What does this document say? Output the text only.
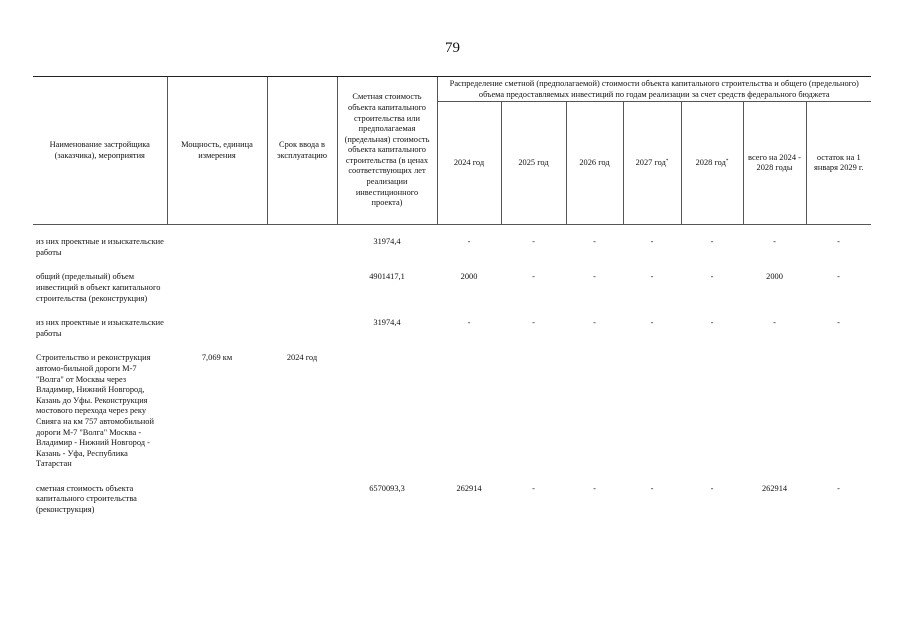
79
Наименование застройщика (заказчика), мероприятия	Мощность, единица измерения	Срок ввода в эксплуатацию	Сметная стоимость объекта капитального строительства или предполагаемая (предельная) стоимость объекта капитального строительства (в ценах соответствующих лет реализации инвестиционного проекта)	Распределение сметной (предполагаемой) стоимости объекта капитального строительства и общего (предельного) объема предоставляемых инвестиций по годам реализации за счет средств федерального бюджета						
				2024 год	2025 год	2026 год	2027 год*	2028 год*	всего на 2024 - 2028 годы	остаток на 1 января 2029 г.

из них проектные и изыскательские работы			31974,4	-	-	-	-	-	-	-

общий (предельный) объем инвестиций в объект капитального строительства (реконструкция)			4901417,1	2000	-	-	-	-	2000	-

из них проектные и изыскательские работы			31974,4	-	-	-	-	-	-	-

Строительство и реконструкция автомо-бильной дороги М-7 "Волга" от Москвы через Владимир, Нижний Новгород, Казань до Уфы. Реконструкция мостового перехода через реку Свияга на км 757 автомобильной дороги М-7 "Волга" Москва - Владимир - Нижний Новгород - Казань - Уфа, Республика Татарстан	7,069 км	2024 год								

сметная стоимость объекта капитального строительства (реконструкция)			6570093,3	262914	-	-	-	-	262914	-
